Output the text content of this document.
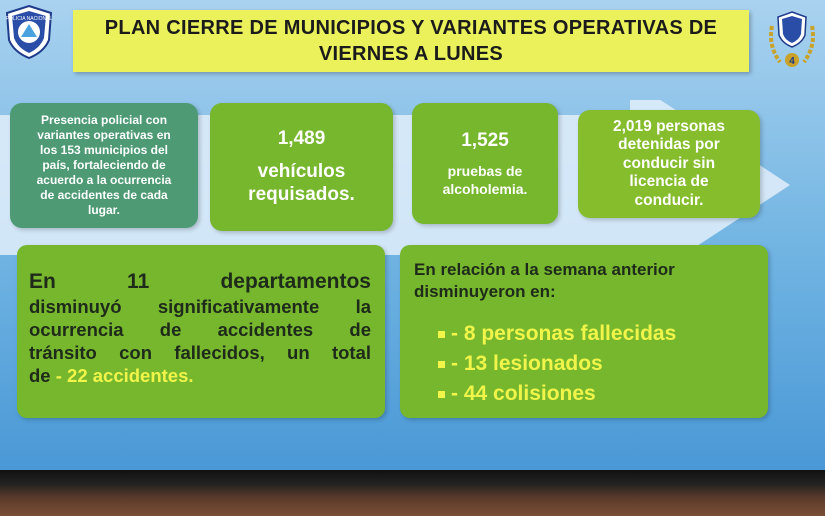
POLICIA NACIONAL	PLAN CIERRE DE MUNICIPIOS Y VARIANTES OPERATIVAS DE
VIERNES A LUNES	4
Presencia policial con
variantes operativas en
los 153 municipios del
país, fortaleciendo de
acuerdo a la ocurrencia
de accidentes de cada
lugar.
1,489
vehículos
requisados.
1,525
pruebas de
alcoholemia.
2,019 personas
detenidas por
conducir sin
licencia de
conducir.
En	11	departamentos
disminuyó significativamente la
ocurrencia de accidentes de
tránsito con fallecidos, un total
de - 22 accidentes.
En relación a la semana anterior
disminuyeron en:
- 8 personas fallecidas
- 13 lesionados
- 44 colisiones
